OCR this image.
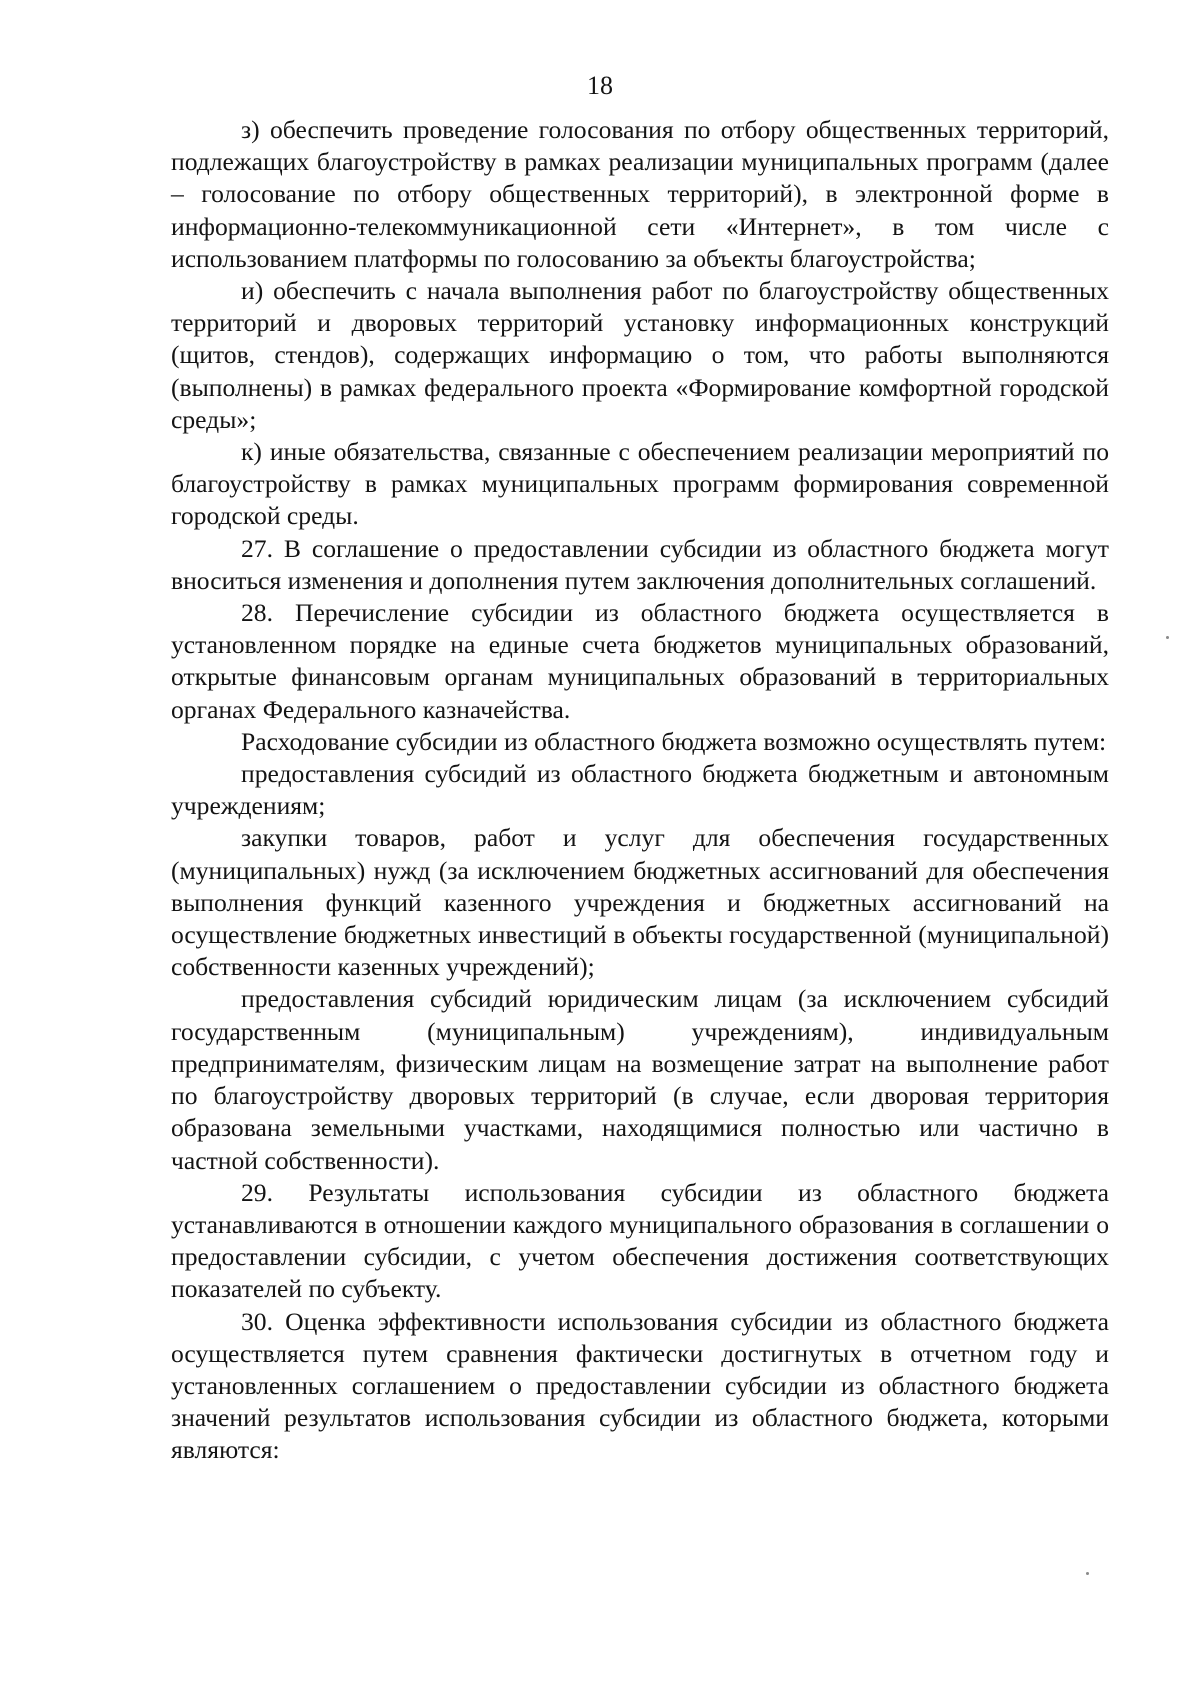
18

з) обеспечить проведение голосования по отбору общественных территорий, подлежащих благоустройству в рамках реализации муниципальных программ (далее – голосование по отбору общественных территорий), в электронной форме в информационно-телекоммуникационной сети «Интернет», в том числе с использованием платформы по голосованию за объекты благоустройства;

и) обеспечить с начала выполнения работ по благоустройству общественных территорий и дворовых территорий установку информационных конструкций (щитов, стендов), содержащих информацию о том, что работы выполняются (выполнены) в рамках федерального проекта «Формирование комфортной городской среды»;

к) иные обязательства, связанные с обеспечением реализации мероприятий по благоустройству в рамках муниципальных программ формирования современной городской среды.

27. В соглашение о предоставлении субсидии из областного бюджета могут вноситься изменения и дополнения путем заключения дополнительных соглашений.

28. Перечисление субсидии из областного бюджета осуществляется в установленном порядке на единые счета бюджетов муниципальных образований, открытые финансовым органам муниципальных образований в территориальных органах Федерального казначейства.

Расходование субсидии из областного бюджета возможно осуществлять путем:

предоставления субсидий из областного бюджета бюджетным и автономным учреждениям;

закупки товаров, работ и услуг для обеспечения государственных (муниципальных) нужд (за исключением бюджетных ассигнований для обеспечения выполнения функций казенного учреждения и бюджетных ассигнований на осуществление бюджетных инвестиций в объекты государственной (муниципальной) собственности казенных учреждений);

предоставления субсидий юридическим лицам (за исключением субсидий государственным (муниципальным) учреждениям), индивидуальным предпринимателям, физическим лицам на возмещение затрат на выполнение работ по благоустройству дворовых территорий (в случае, если дворовая территория образована земельными участками, находящимися полностью или частично в частной собственности).

29. Результаты использования субсидии из областного бюджета устанавливаются в отношении каждого муниципального образования в соглашении о предоставлении субсидии, с учетом обеспечения достижения соответствующих показателей по субъекту.

30. Оценка эффективности использования субсидии из областного бюджета осуществляется путем сравнения фактически достигнутых в отчетном году и установленных соглашением о предоставлении субсидии из областного бюджета значений результатов использования субсидии из областного бюджета, которыми являются:
